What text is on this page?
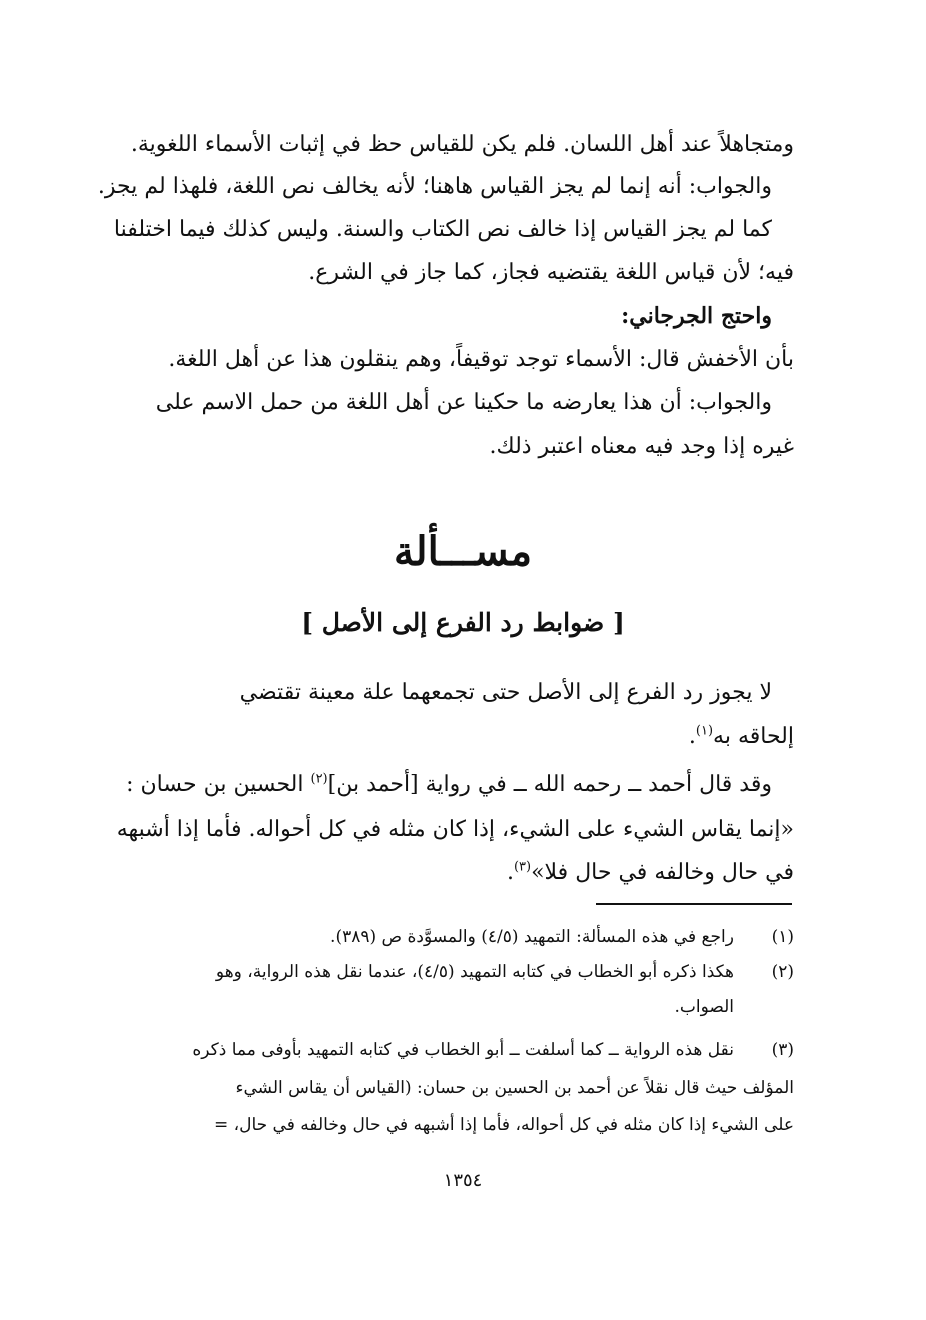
ومتجاهلاً عند أهل اللسان. فلم يكن للقياس حظ في إثبات الأسماء اللغوية.
والجواب: أنه إنما لم يجز القياس هاهنا؛ لأنه يخالف نص اللغة، فلهذا لم يجز.
كما لم يجز القياس إذا خالف نص الكتاب والسنة. وليس كذلك فيما اختلفنا
فيه؛ لأن قياس اللغة يقتضيه فجاز، كما جاز في الشرع.
واحتج الجرجاني:
بأن الأخفش قال: الأسماء توجد توقيفاً، وهم ينقلون هذا عن أهل اللغة.
والجواب: أن هذا يعارضه ما حكينا عن أهل اللغة من حمل الاسم على
غيره إذا وجد فيه معناه اعتبر ذلك.
مســـألة
[ ضوابط رد الفرع إلى الأصل ]
لا يجوز رد الفرع إلى الأصل حتى تجمعهما علة معينة تقتضي
إلحاقه به$^{(١)}$.
وقد قال أحمد ــ رحمه الله ــ في رواية [أحمد بن]$^{(٢)}$ الحسين بن حسان :
«إنما يقاس الشيء على الشيء، إذا كان مثله في كل أحواله. فأما إذا أشبهه
في حال وخالفه في حال فلا»$^{(٣)}$.
(١)
راجع في هذه المسألة: التمهيد (٤/٥) والمسوَّدة ص (٣٨٩).
(٢)
هكذا ذكره أبو الخطاب في كتابه التمهيد (٤/٥)، عندما نقل هذه الرواية، وهو
الصواب.
(٣)
نقل هذه الرواية ــ كما أسلفت ــ أبو الخطاب في كتابه التمهيد بأوفى مما ذكره
المؤلف حيث قال نقلاً عن أحمد بن الحسين بن حسان: (القياس أن يقاس الشيء
على الشيء إذا كان مثله في كل أحواله، فأما إذا أشبهه في حال وخالفه في حال، =
١٣٥٤
